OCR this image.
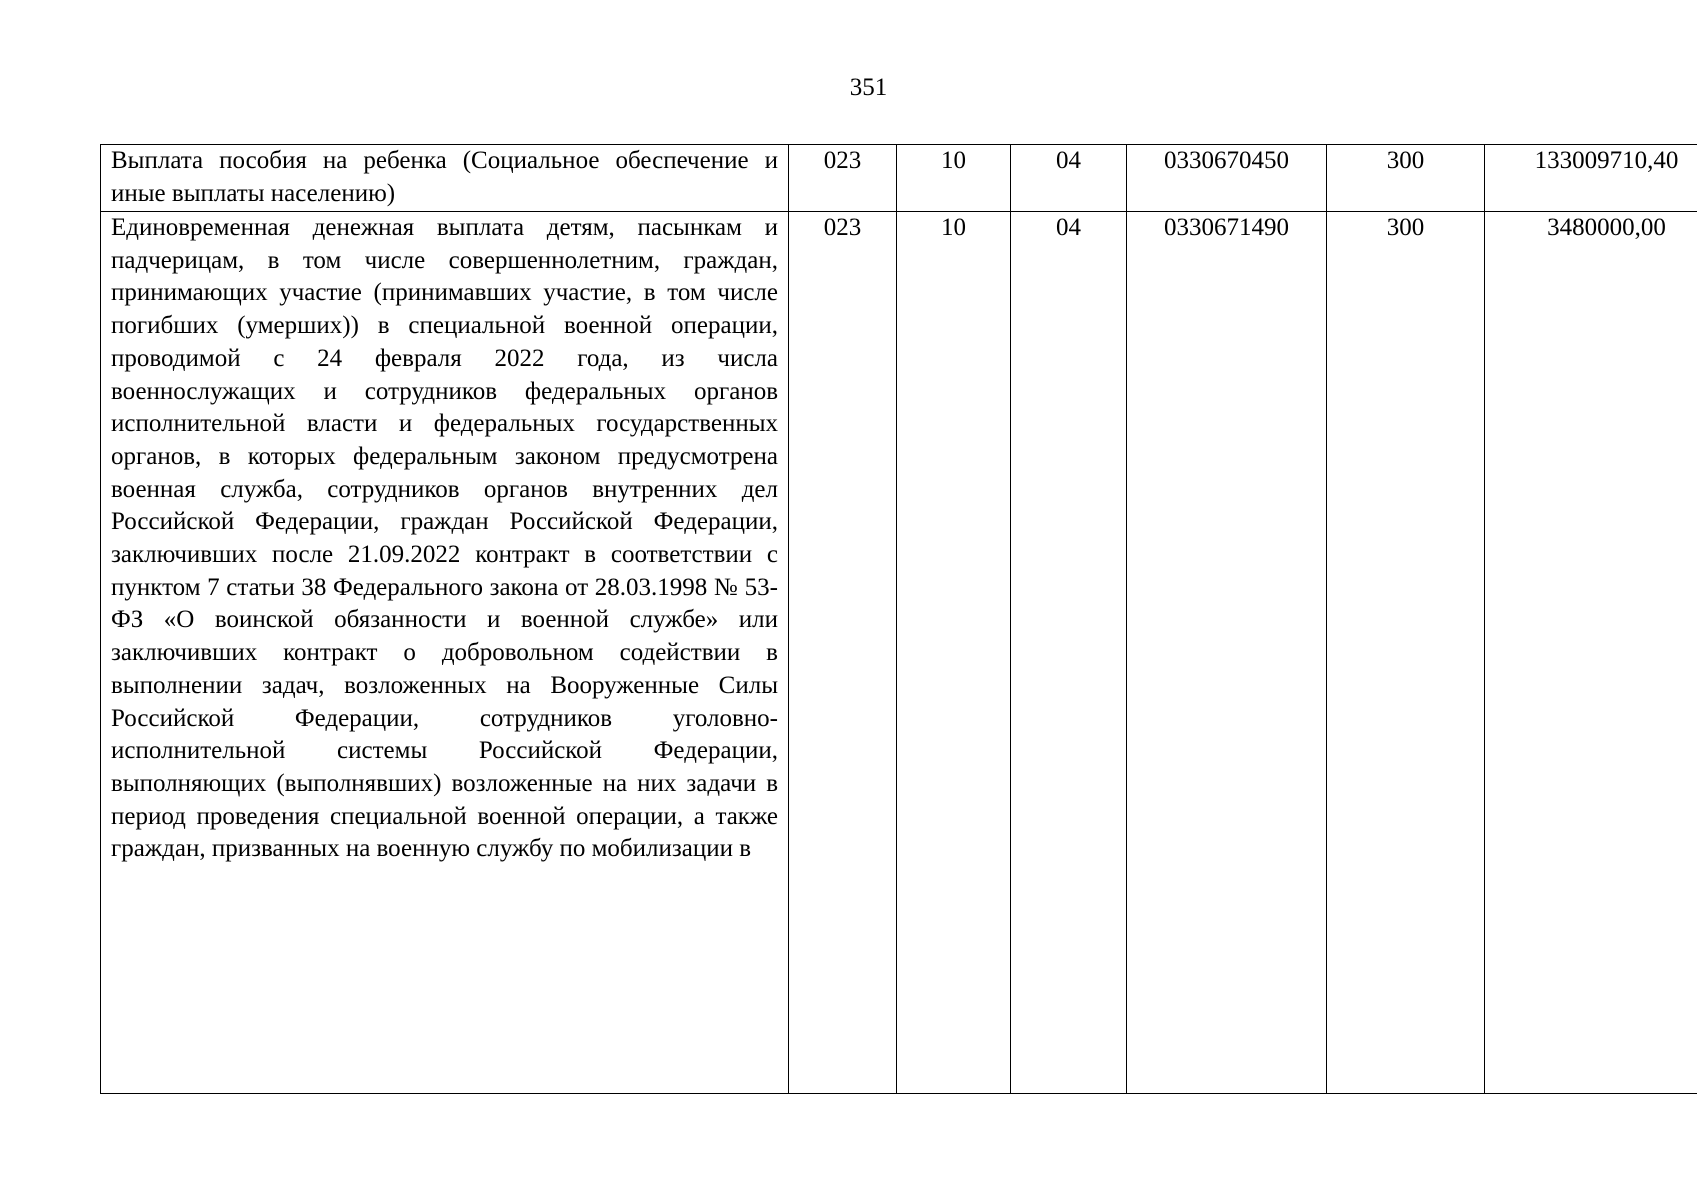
351
Выплата пособия на ребенка (Социальное обеспечение и иные выплаты населению)	023	10	04	0330670450	300	133009710,40

Единовременная денежная выплата детям, пасынкам и падчерицам, в том числе совершеннолетним, граждан, принимающих участие (принимавших участие, в том числе погибших (умерших)) в специальной военной операции, проводимой с 24 февраля 2022 года, из числа военнослужащих и сотрудников федеральных органов исполнительной власти и федеральных государственных органов, в которых федеральным законом предусмотрена военная служба, сотрудников органов внутренних дел Российской Федерации, граждан Российской Федерации, заключивших после 21.09.2022 контракт в соответствии с пунктом 7 статьи 38 Федерального закона от 28.03.1998 № 53-ФЗ «О воинской обязанности и военной службе» или заключивших контракт о добровольном содействии в выполнении задач, возложенных на Вооруженные Силы Российской Федерации, сотрудников уголовно-исполнительной системы Российской Федерации, выполняющих (выполнявших) возложенные на них задачи в период проведения специальной военной операции, а также граждан, призванных на военную службу по мобилизации в	023	10	04	0330671490	300	3480000,00
